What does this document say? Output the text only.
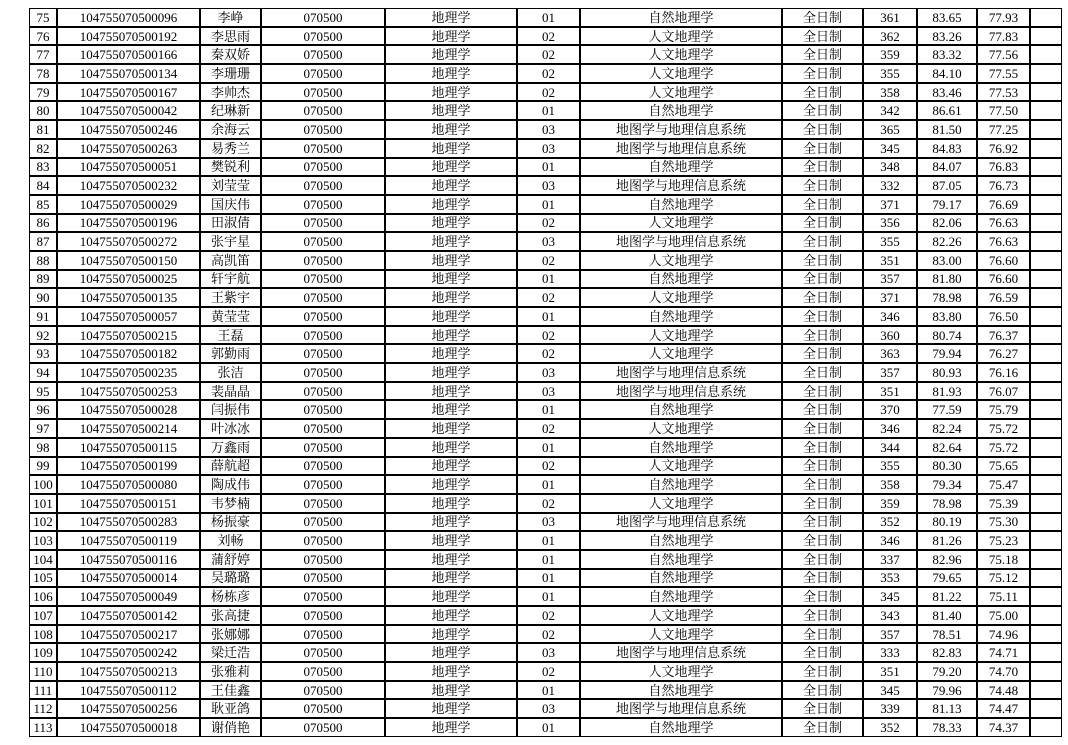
75	104755070500096	李峥	070500	地理学	01	自然地理学	全日制	361	83.65	77.93	
76	104755070500192	李思雨	070500	地理学	02	人文地理学	全日制	362	83.26	77.83	
77	104755070500166	秦双娇	070500	地理学	02	人文地理学	全日制	359	83.32	77.56	
78	104755070500134	李珊珊	070500	地理学	02	人文地理学	全日制	355	84.10	77.55	
79	104755070500167	李帅杰	070500	地理学	02	人文地理学	全日制	358	83.46	77.53	
80	104755070500042	纪琳新	070500	地理学	01	自然地理学	全日制	342	86.61	77.50	
81	104755070500246	余海云	070500	地理学	03	地图学与地理信息系统	全日制	365	81.50	77.25	
82	104755070500263	易秀兰	070500	地理学	03	地图学与地理信息系统	全日制	345	84.83	76.92	
83	104755070500051	樊锐利	070500	地理学	01	自然地理学	全日制	348	84.07	76.83	
84	104755070500232	刘莹莹	070500	地理学	03	地图学与地理信息系统	全日制	332	87.05	76.73	
85	104755070500029	国庆伟	070500	地理学	01	自然地理学	全日制	371	79.17	76.69	
86	104755070500196	田淑倩	070500	地理学	02	人文地理学	全日制	356	82.06	76.63	
87	104755070500272	张宇星	070500	地理学	03	地图学与地理信息系统	全日制	355	82.26	76.63	
88	104755070500150	高凯笛	070500	地理学	02	人文地理学	全日制	351	83.00	76.60	
89	104755070500025	轩宇航	070500	地理学	01	自然地理学	全日制	357	81.80	76.60	
90	104755070500135	王紫宇	070500	地理学	02	人文地理学	全日制	371	78.98	76.59	
91	104755070500057	黄莹莹	070500	地理学	01	自然地理学	全日制	346	83.80	76.50	
92	104755070500215	王磊	070500	地理学	02	人文地理学	全日制	360	80.74	76.37	
93	104755070500182	郭勤雨	070500	地理学	02	人文地理学	全日制	363	79.94	76.27	
94	104755070500235	张洁	070500	地理学	03	地图学与地理信息系统	全日制	357	80.93	76.16	
95	104755070500253	裴晶晶	070500	地理学	03	地图学与地理信息系统	全日制	351	81.93	76.07	
96	104755070500028	闫振伟	070500	地理学	01	自然地理学	全日制	370	77.59	75.79	
97	104755070500214	叶冰冰	070500	地理学	02	人文地理学	全日制	346	82.24	75.72	
98	104755070500115	万鑫雨	070500	地理学	01	自然地理学	全日制	344	82.64	75.72	
99	104755070500199	薛航超	070500	地理学	02	人文地理学	全日制	355	80.30	75.65	
100	104755070500080	陶成伟	070500	地理学	01	自然地理学	全日制	358	79.34	75.47	
101	104755070500151	韦梦楠	070500	地理学	02	人文地理学	全日制	359	78.98	75.39	
102	104755070500283	杨振豪	070500	地理学	03	地图学与地理信息系统	全日制	352	80.19	75.30	
103	104755070500119	刘畅	070500	地理学	01	自然地理学	全日制	346	81.26	75.23	
104	104755070500116	蒲舒婷	070500	地理学	01	自然地理学	全日制	337	82.96	75.18	
105	104755070500014	吴璐璐	070500	地理学	01	自然地理学	全日制	353	79.65	75.12	
106	104755070500049	杨栋彦	070500	地理学	01	自然地理学	全日制	345	81.22	75.11	
107	104755070500142	张高捷	070500	地理学	02	人文地理学	全日制	343	81.40	75.00	
108	104755070500217	张娜娜	070500	地理学	02	人文地理学	全日制	357	78.51	74.96	
109	104755070500242	梁迁浩	070500	地理学	03	地图学与地理信息系统	全日制	333	82.83	74.71	
110	104755070500213	张雅莉	070500	地理学	02	人文地理学	全日制	351	79.20	74.70	
111	104755070500112	王佳鑫	070500	地理学	01	自然地理学	全日制	345	79.96	74.48	
112	104755070500256	耿亚鸽	070500	地理学	03	地图学与地理信息系统	全日制	339	81.13	74.47	
113	104755070500018	谢俏艳	070500	地理学	01	自然地理学	全日制	352	78.33	74.37	
